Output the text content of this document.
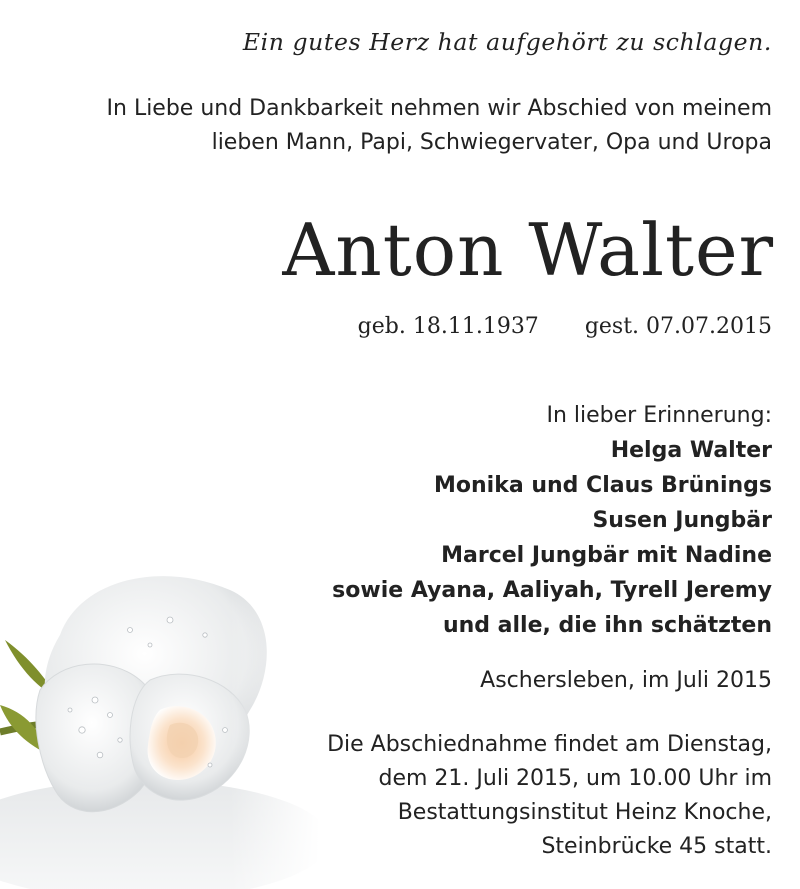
Ein gutes Herz hat aufgehört zu schlagen.

In Liebe und Dankbarkeit nehmen wir Abschied von meinem
lieben Mann, Papi, Schwiegervater, Opa und Uropa
Anton Walter
geb. 18.11.1937 gest. 07.07.2015
In lieber Erinnerung:
Helga Walter
Monika und Claus Brünings
Susen Jungbär
Marcel Jungbär mit Nadine
sowie Ayana, Aaliyah, Tyrell Jeremy
und alle, die ihn schätzten
Aschersleben, im Juli 2015
Die Abschiednahme findet am Dienstag,
dem 21. Juli 2015, um 10.00 Uhr im
Bestattungsinstitut Heinz Knoche,
Steinbrücke 45 statt.
